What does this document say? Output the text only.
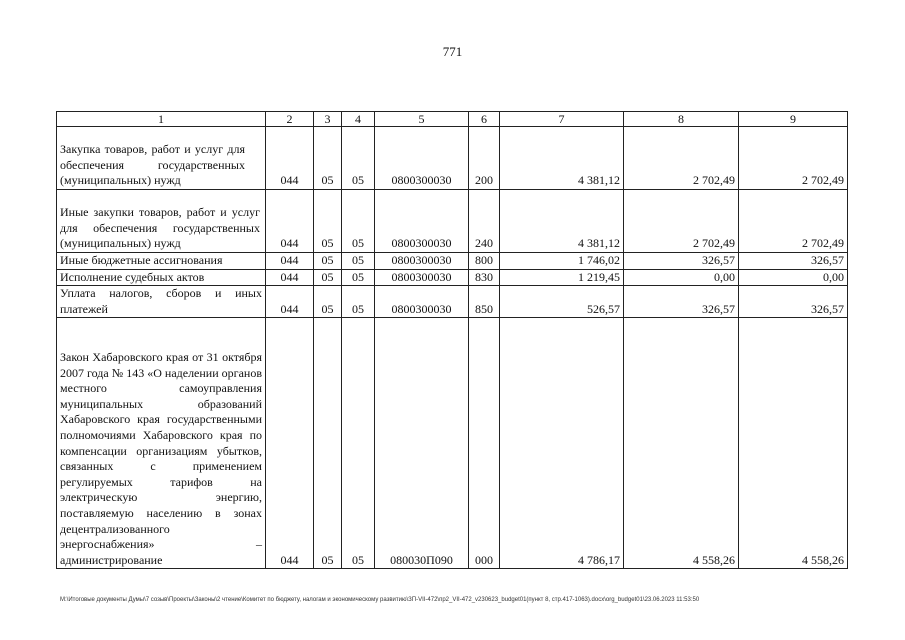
771
1	2	3	4	5	6	7	8	9

Закупка товаров, работ и услуг для обеспечения государственных (муниципальных) нужд	044	05	05	0800300030	200	4 381,12	2 702,49	2 702,49

Иные закупки товаров, работ и услуг для обеспечения государственных (муниципальных) нужд	044	05	05	0800300030	240	4 381,12	2 702,49	2 702,49

Иные бюджетные ассигнования	044	05	05	0800300030	800	1 746,02	326,57	326,57

Исполнение судебных актов	044	05	05	0800300030	830	1 219,45	0,00	0,00

Уплата налогов, сборов и иных платежей	044	05	05	0800300030	850	526,57	326,57	326,57

Закон Хабаровского края от 31 октября 2007 года № 143 «О наделении органов местного самоуправления муниципальных образований Хабаровского края государственными полномочиями Хабаровского края по компенсации организациям убытков, связанных с применением регулируемых тарифов на электрическую энергию, поставляемую населению в зонах децентрализованного энергоснабжения» – администрирование	044	05	05	080030П090	000	4 786,17	4 558,26	4 558,26
М:\Итоговые документы Думы\7 созыв\Проекты\Законы\2 чтение\Комитет по бюджету, налогам и экономическому развитию\ЗП-VII-472\пр2_VII-472_v230623_budget01(пункт 8, стр.417-1063).docx\org_budget01\23.06.2023 11:53:50
